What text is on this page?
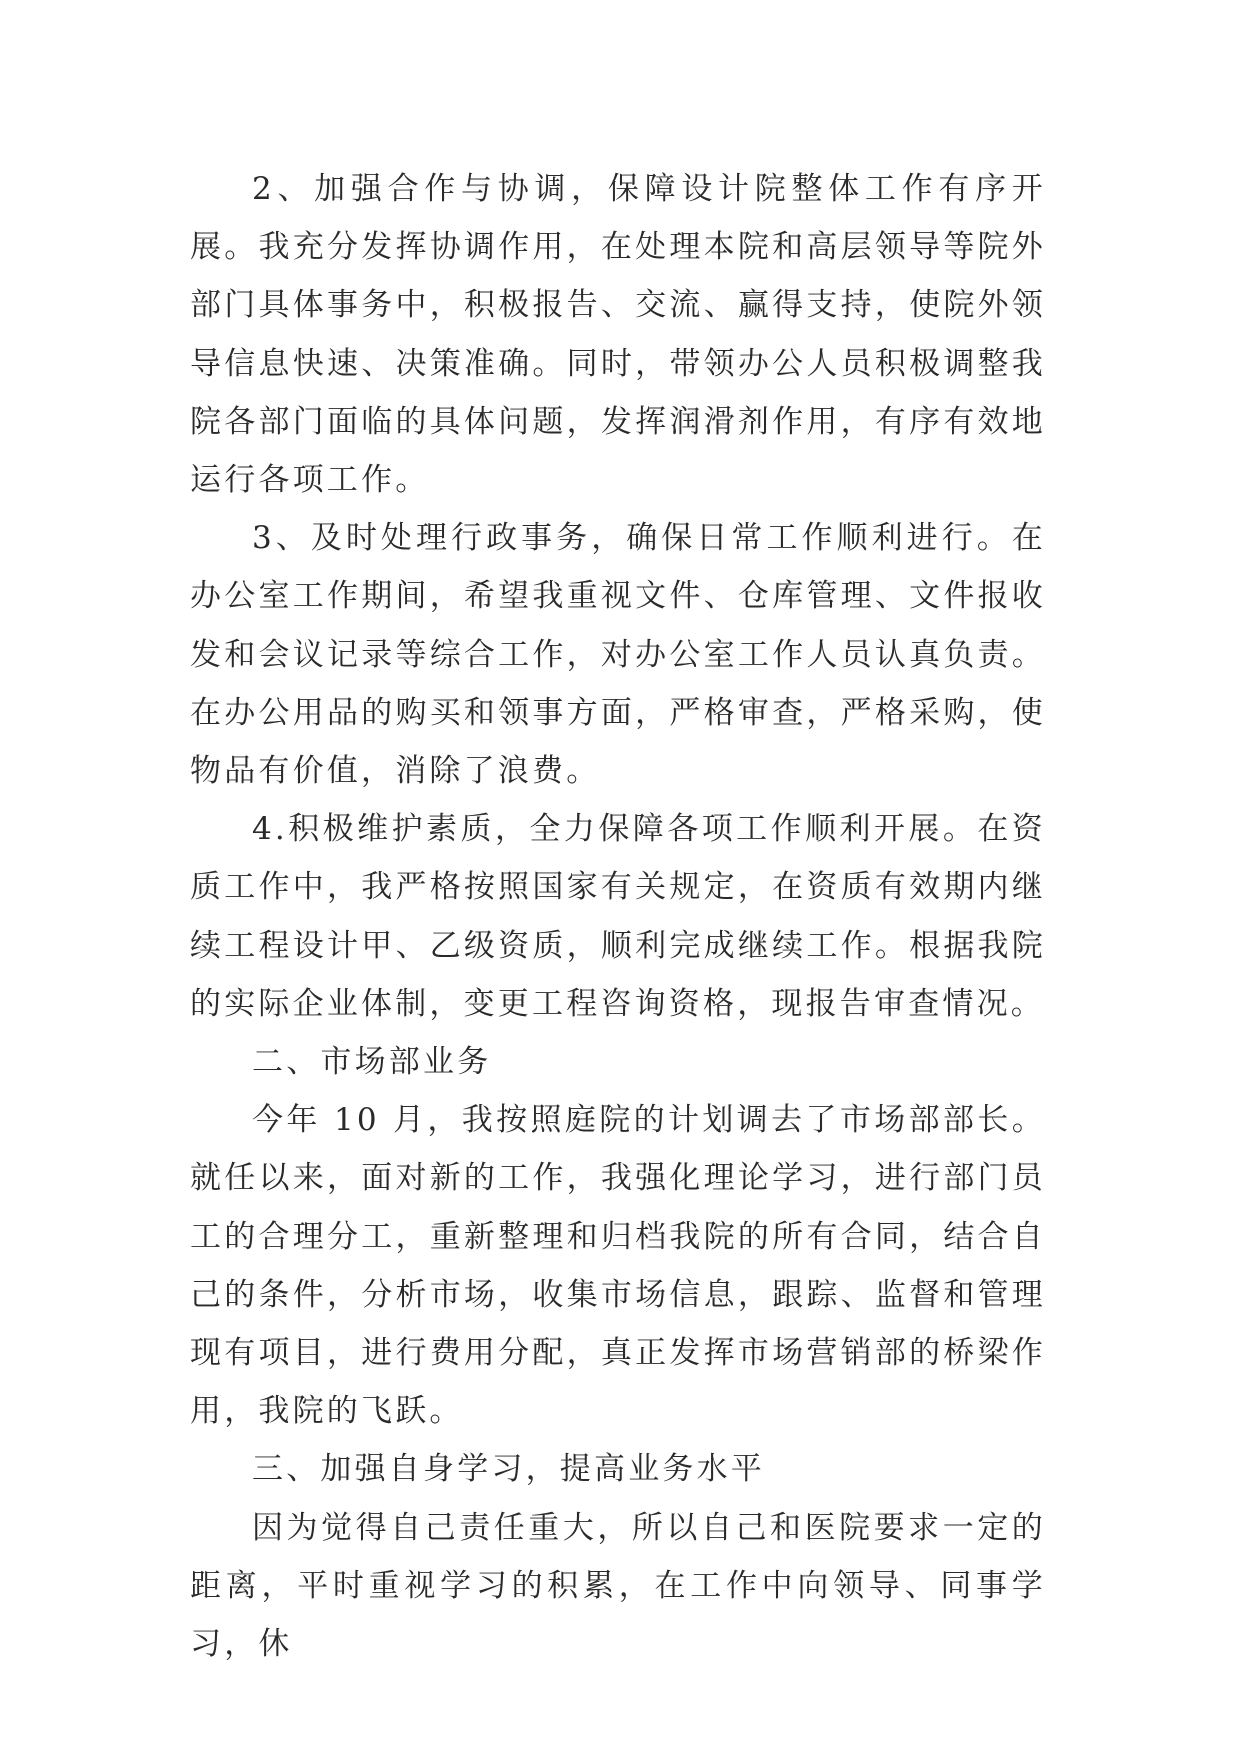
2、加强合作与协调，保障设计院整体工作有序开展。我充分发挥协调作用，在处理本院和高层领导等院外部门具体事务中，积极报告、交流、赢得支持，使院外领导信息快速、决策准确。同时，带领办公人员积极调整我院各部门面临的具体问题，发挥润滑剂作用，有序有效地运行各项工作。

3、及时处理行政事务，确保日常工作顺利进行。在办公室工作期间，希望我重视文件、仓库管理、文件报收发和会议记录等综合工作，对办公室工作人员认真负责。在办公用品的购买和领事方面，严格审查，严格采购，使物品有价值，消除了浪费。

4.积极维护素质，全力保障各项工作顺利开展。在资质工作中，我严格按照国家有关规定，在资质有效期内继续工程设计甲、乙级资质，顺利完成继续工作。根据我院的实际企业体制，变更工程咨询资格，现报告审查情况。

二、市场部业务

今年 10 月，我按照庭院的计划调去了市场部部长。就任以来，面对新的工作，我强化理论学习，进行部门员工的合理分工，重新整理和归档我院的所有合同，结合自己的条件，分析市场，收集市场信息，跟踪、监督和管理现有项目，进行费用分配，真正发挥市场营销部的桥梁作用，我院的飞跃。

三、加强自身学习，提高业务水平

因为觉得自己责任重大，所以自己和医院要求一定的距离，平时重视学习的积累，在工作中向领导、同事学习，休
